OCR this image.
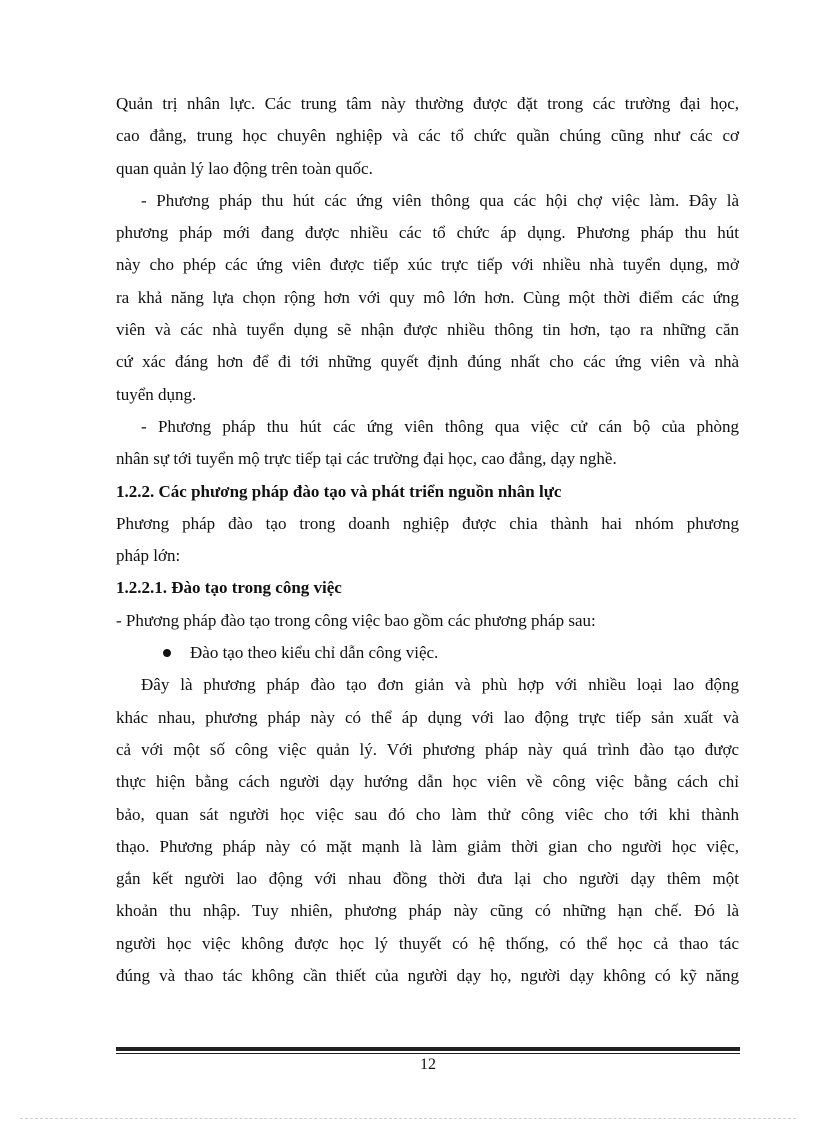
Quản trị nhân lực. Các trung tâm này thường được đặt trong các trường đại học,

cao đẳng, trung học chuyên nghiệp và các tổ chức quần chúng cũng như các cơ

quan quản lý lao động trên toàn quốc.

- Phương pháp thu hút các ứng viên thông qua các hội chợ việc làm. Đây là

phương pháp mới đang được nhiều các tổ chức áp dụng. Phương pháp thu hút

này cho phép các ứng viên được tiếp xúc trực tiếp với nhiều nhà tuyển dụng, mở

ra khả năng lựa chọn rộng hơn với quy mô lớn hơn. Cùng một thời điểm các ứng

viên và các nhà tuyển dụng sẽ nhận được nhiều thông tin hơn, tạo ra những căn

cứ xác đáng hơn để đi tới những quyết định đúng nhất cho các ứng viên và nhà

tuyển dụng.

- Phương pháp thu hút các ứng viên thông qua việc cử cán bộ của phòng

nhân sự tới tuyển mộ trực tiếp tại các trường đại học, cao đẳng, dạy nghề.

1.2.2. Các phương pháp đào tạo và phát triển nguồn nhân lực

Phương pháp đào tạo trong doanh nghiệp được chia thành hai nhóm phương

pháp lớn:

1.2.2.1. Đào tạo trong công việc

- Phương pháp đào tạo trong công việc bao gồm các phương pháp sau:

Đào tạo theo kiểu chỉ dẫn công việc.

Đây là phương pháp đào tạo đơn giản và phù hợp với nhiều loại lao động

khác nhau, phương pháp này có thể áp dụng với lao động trực tiếp sản xuất và

cả với một số công việc quản lý. Với phương pháp này quá trình đào tạo được

thực hiện bằng cách người dạy hướng dẫn học viên về công việc bằng cách chỉ

bảo, quan sát người học việc sau đó cho làm thử công viêc cho tới khi thành

thạo. Phương pháp này có mặt mạnh là làm giảm thời gian cho người học việc,

gắn kết người lao động với nhau đồng thời đưa lại cho người dạy thêm một

khoản thu nhập. Tuy nhiên, phương pháp này cũng có những hạn chế. Đó là

người học việc không được học lý thuyết có hệ thống, có thể học cả thao tác

đúng và thao tác không cần thiết của người dạy họ, người dạy không có kỹ năng

12
